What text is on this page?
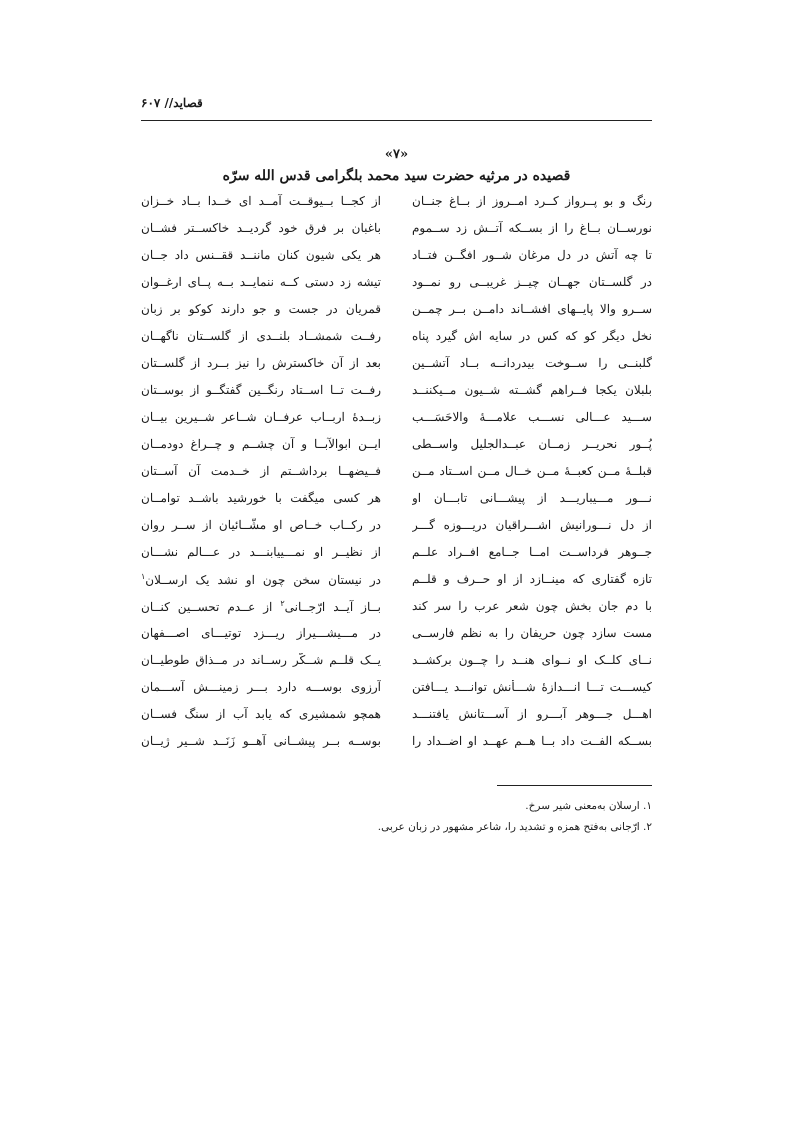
قصاید// ۶۰۷
«۷»
قصیده در مرثیه حضرت سید محمد بلگرامی قدس الله سرّه
رنگ و بو پــرواز کــرد امــروز از بــاغ جنــان
از کجــا بــیوقــت آمــد ای خــدا بــاد خــزان
نورســان بــاغ را از بســکه آتــش زد ســموم
باغبان بر فرق خود گردیــد خاکســتر فشــان
تا چه آتش در دل مرغان شــور افگــن فتــاد
هر یکی شیون کنان ماننــد ققــنس داد جــان
در گلســتان جهــان چیــز غریبــی رو نمــود
تیشه زد دستی کــه ننمایــد بــه پــای ارغــوان
ســرو والا پایــهای افشــاند دامــن بــر چمــن
قمریان در جست و جو دارند کوکو بر زبان
نخل دیگر کو که کس در سایه اش گیرد پناه
رفــت شمشــاد بلنــدی از گلســتان ناگهــان
گلبنــی را ســوخت بیدردانــه بــاد آتشــین
بعد از آن خاکسترش را نیز بــرد از گلســتان
بلبلان یکجا فــراهم گشــته شــیون مــیکننــد
رفــت تــا اســتاد رنگــین گفتگــو از بوســتان
ســـید عـــالی نســـب علامـــهٔ والاحَسَـــب
زبــدهٔ اربــاب عرفــان شــاعر شــیرین بیــان
پُــور نحریــر زمــان عبــدالجلیل واســطی
ایــن ابوالآبــا و آن چشــم و چــراغ دودمــان
قبلــهٔ مــن کعبــهٔ مــن خــال مــن اســتاد مــن
فــیضهــا برداشــتم از خــدمت آن آســتان
نـــور مـــیباریـــد از پیشـــانی تابـــان او
هر کسی میگفت با خورشید باشــد توامــان
از دل نـــورانیش اشـــراقیان دریـــوزه گـــر
در رکــاب خــاص او مشّــائیان از ســر روان
جــوهر فرداســت امــا جــامع افــراد علــم
از نظیــر او نمـــییابنـــد در عـــالم نشـــان
تازه گفتاری که مینــازد از او حــرف و قلــم
در نیستان سخن چون او نشد یک ارســلان$^۱$
با دم جان بخش چون شعر عرب را سر کند
بــاز آیــد ارّجــانی$^۲$ از عــدم تحســین کنــان
مست سازد چون حریفان را به نظم فارســی
در مـــیشـــیراز ریـــزد توتیـــای اصـــفهان
نــای کلــک او نــوای هنــد را چــون برکشــد
یــک قلــم شــکّر رســاند در مــذاق طوطیــان
کیســـت تـــا انـــدازهٔ شـــأنش توانـــد یـــافتن
آرزوی بوســـه دارد بـــر زمینـــش آســـمان
اهـــل جـــوهر آبـــرو از آســـتانش یافتنـــد
همچو شمشیری که یابد آب از سنگ فســان
بســکه الفــت داد بــا هــم عهــد او اضــداد را
بوســه بــر پیشــانی آهــو زَنَــد شــیر ژیــان
۱. ارسلان به‌معنی شیر سرخ.
۲. ارّجانی به‌فتح همزه و تشدید را، شاعر مشهور در زبان عربی.
